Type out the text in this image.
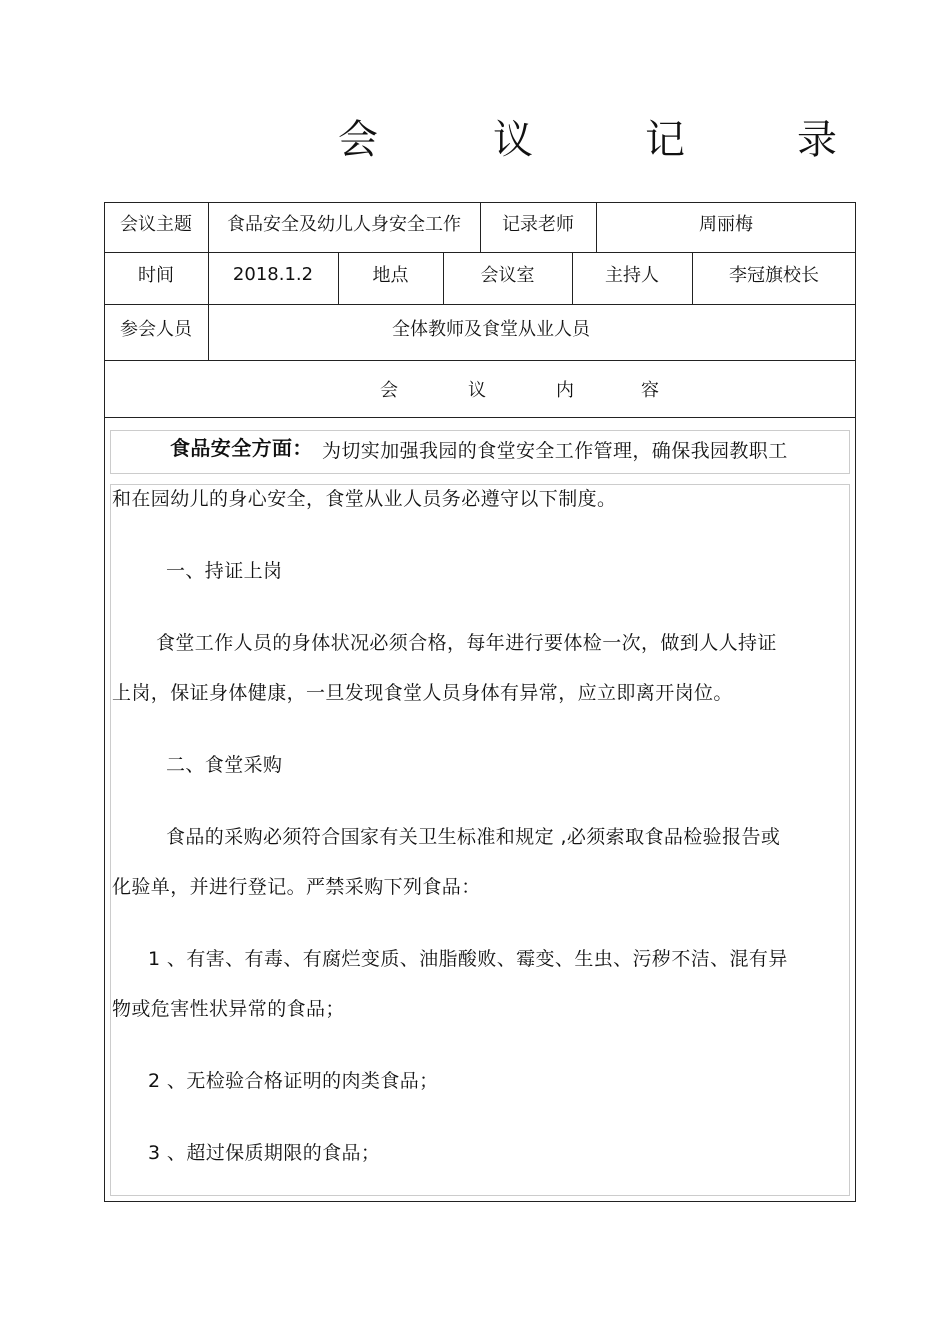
会	议	记	录
会议主题	食品安全及幼儿人身安全工作	记录老师	周丽梅
时间	2018.1.2	地点	会议室	主持人	李冠旗校长
参会人员	全体教师及食堂从业人员
会	议	内	容
食品安全方面： 为切实加强我园的食堂安全工作管理，确保我园教职工
和在园幼儿的身心安全，食堂从业人员务必遵守以下制度。
一、持证上岗
食堂工作人员的身体状况必须合格，每年进行要体检一次，做到人人持证
上岗，保证身体健康，一旦发现食堂人员身体有异常，应立即离开岗位。
二、食堂采购
食品的采购必须符合国家有关卫生标准和规定 ,必须索取食品检验报告或
化验单，并进行登记。严禁采购下列食品：
1 、有害、有毒、有腐烂变质、油脂酸败、霉变、生虫、污秽不洁、混有异
物或危害性状异常的食品；
2 、无检验合格证明的肉类食品；
3 、超过保质期限的食品；
